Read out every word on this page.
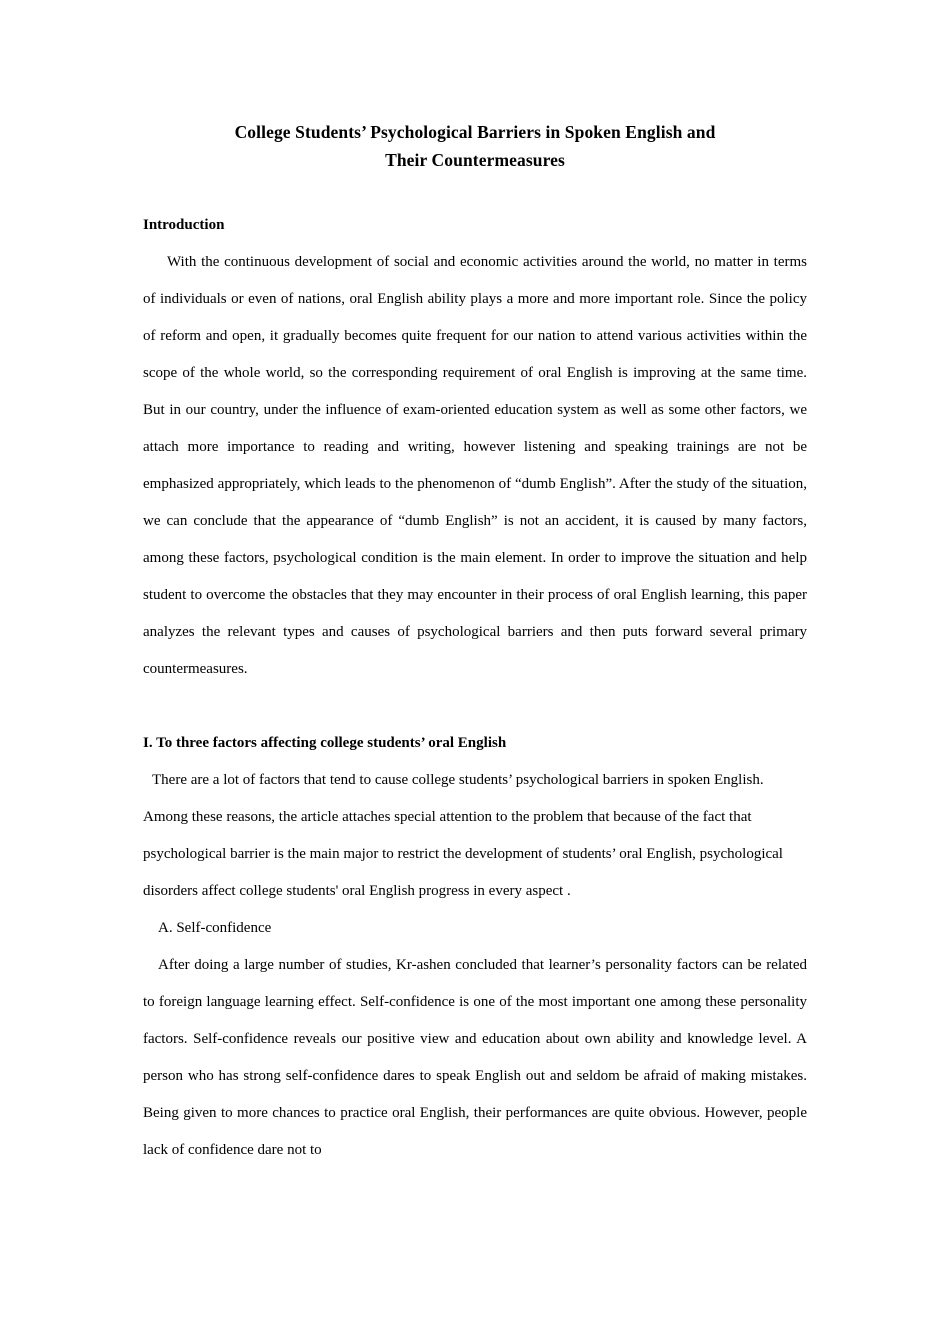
College Students’ Psychological Barriers in Spoken English and
Their Countermeasures
Introduction

With the continuous development of social and economic activities around the world, no matter in terms of individuals or even of nations, oral English ability plays a more and more important role. Since the policy of reform and open, it gradually becomes quite frequent for our nation to attend various activities within the scope of the whole world, so the corresponding requirement of oral English is improving at the same time. But in our country, under the influence of exam-oriented education system as well as some other factors, we attach more importance to reading and writing, however listening and speaking trainings are not be emphasized appropriately, which leads to the phenomenon of “dumb English”. After the study of the situation, we can conclude that the appearance of “dumb English” is not an accident, it is caused by many factors, among these factors, psychological condition is the main element. In order to improve the situation and help student to overcome the obstacles that they may encounter in their process of oral English learning, this paper analyzes the relevant types and causes of psychological barriers and then puts forward several primary countermeasures.

I. To three factors affecting college students’ oral English

There are a lot of factors that tend to cause college students’ psychological barriers in spoken English. Among these reasons, the article attaches special attention to the problem that because of the fact that psychological barrier is the main major to restrict the development of students’ oral English, psychological disorders affect college students' oral English progress in every aspect .

A. Self-confidence

After doing a large number of studies, Kr-ashen concluded that learner’s personality factors can be related to foreign language learning effect. Self-confidence is one of the most important one among these personality factors. Self-confidence reveals our positive view and education about own ability and knowledge level. A person who has strong self-confidence dares to speak English out and seldom be afraid of making mistakes. Being given to more chances to practice oral English, their performances are quite obvious. However, people lack of confidence dare not to
